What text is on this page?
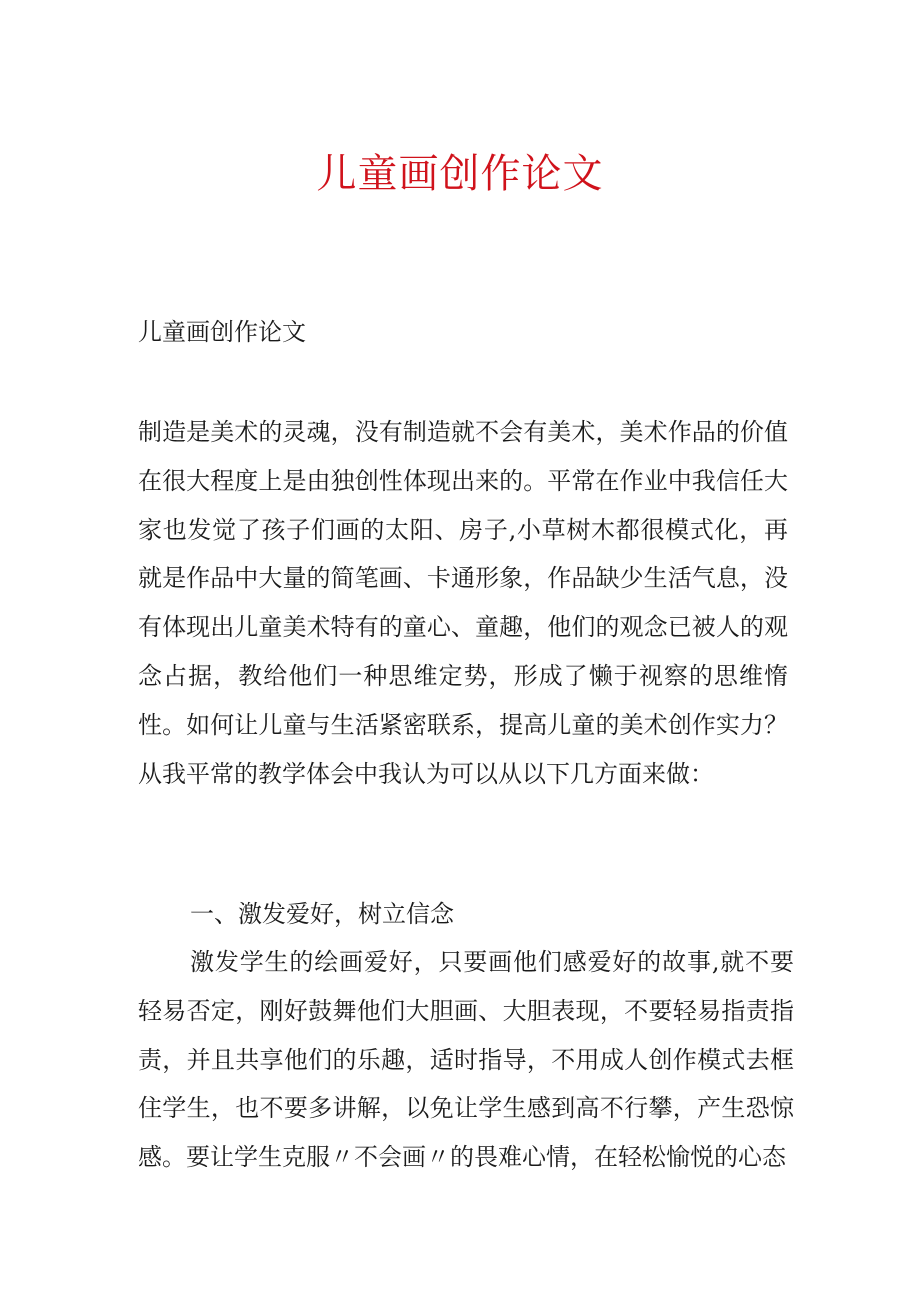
儿童画创作论文

儿童画创作论文

制造是美术的灵魂，没有制造就不会有美术，美术作品的价值在很大程度上是由独创性体现出来的。平常在作业中我信任大家也发觉了孩子们画的太阳、房子,小草树木都很模式化，再就是作品中大量的简笔画、卡通形象，作品缺少生活气息，没有体现出儿童美术特有的童心、童趣，他们的观念已被人的观念占据，教给他们一种思维定势，形成了懒于视察的思维惰性。如何让儿童与生活紧密联系，提高儿童的美术创作实力？从我平常的教学体会中我认为可以从以下几方面来做：

一、激发爱好，树立信念

激发学生的绘画爱好，只要画他们感爱好的故事,就不要轻易否定，刚好鼓舞他们大胆画、大胆表现，不要轻易指责指责，并且共享他们的乐趣，适时指导，不用成人创作模式去框住学生，也不要多讲解，以免让学生感到高不行攀，产生恐惊感。要让学生克服〃不会画〃的畏难心情，在轻松愉悦的心态
